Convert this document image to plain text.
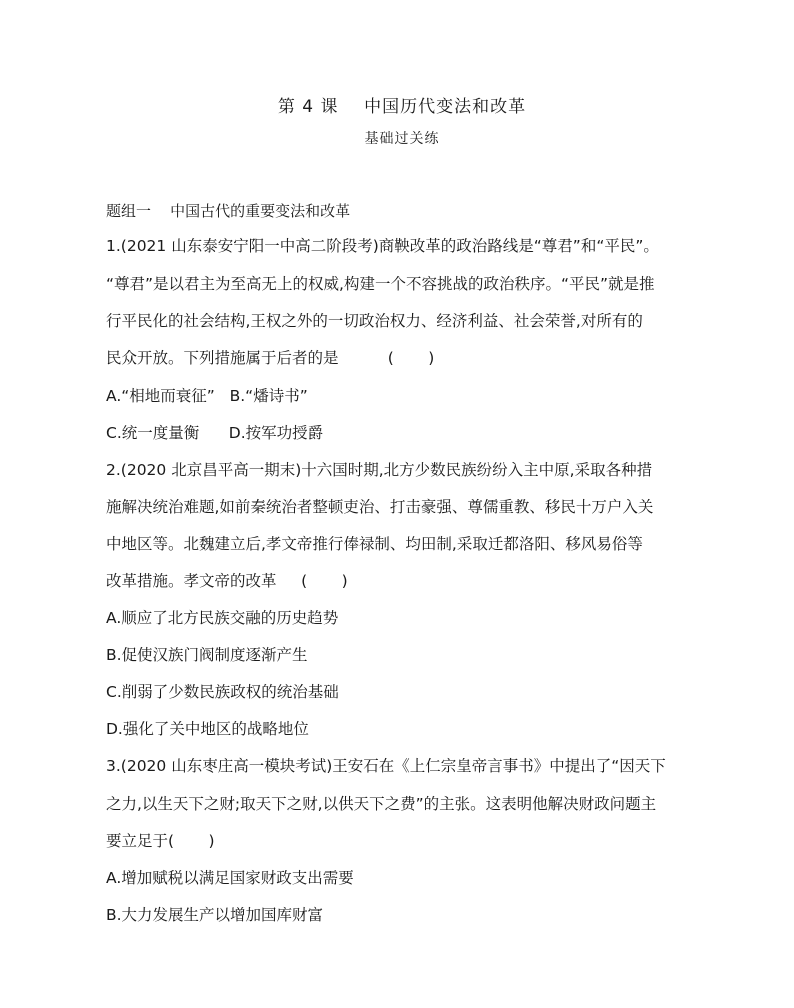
第 4 课    中国历代变法和改革
基础过关练
题组一    中国古代的重要变法和改革
1.(2021 山东泰安宁阳一中高二阶段考)商鞅改革的政治路线是“尊君”和“平民”。
“尊君”是以君主为至高无上的权威,构建一个不容挑战的政治秩序。“平民”就是推
行平民化的社会结构,王权之外的一切政治权力、经济利益、社会荣誉,对所有的
民众开放。下列措施属于后者的是          (       )
A.“相地而衰征”   B.“燔诗书”
C.统一度量衡      D.按军功授爵
2.(2020 北京昌平高一期末)十六国时期,北方少数民族纷纷入主中原,采取各种措
施解决统治难题,如前秦统治者整顿吏治、打击豪强、尊儒重教、移民十万户入关
中地区等。北魏建立后,孝文帝推行俸禄制、均田制,采取迁都洛阳、移风易俗等
改革措施。孝文帝的改革     (       )
A.顺应了北方民族交融的历史趋势
B.促使汉族门阀制度逐渐产生
C.削弱了少数民族政权的统治基础
D.强化了关中地区的战略地位
3.(2020 山东枣庄高一模块考试)王安石在《上仁宗皇帝言事书》中提出了“因天下
之力,以生天下之财;取天下之财,以供天下之费”的主张。这表明他解决财政问题主
要立足于(       )
A.增加赋税以满足国家财政支出需要
B.大力发展生产以增加国库财富
